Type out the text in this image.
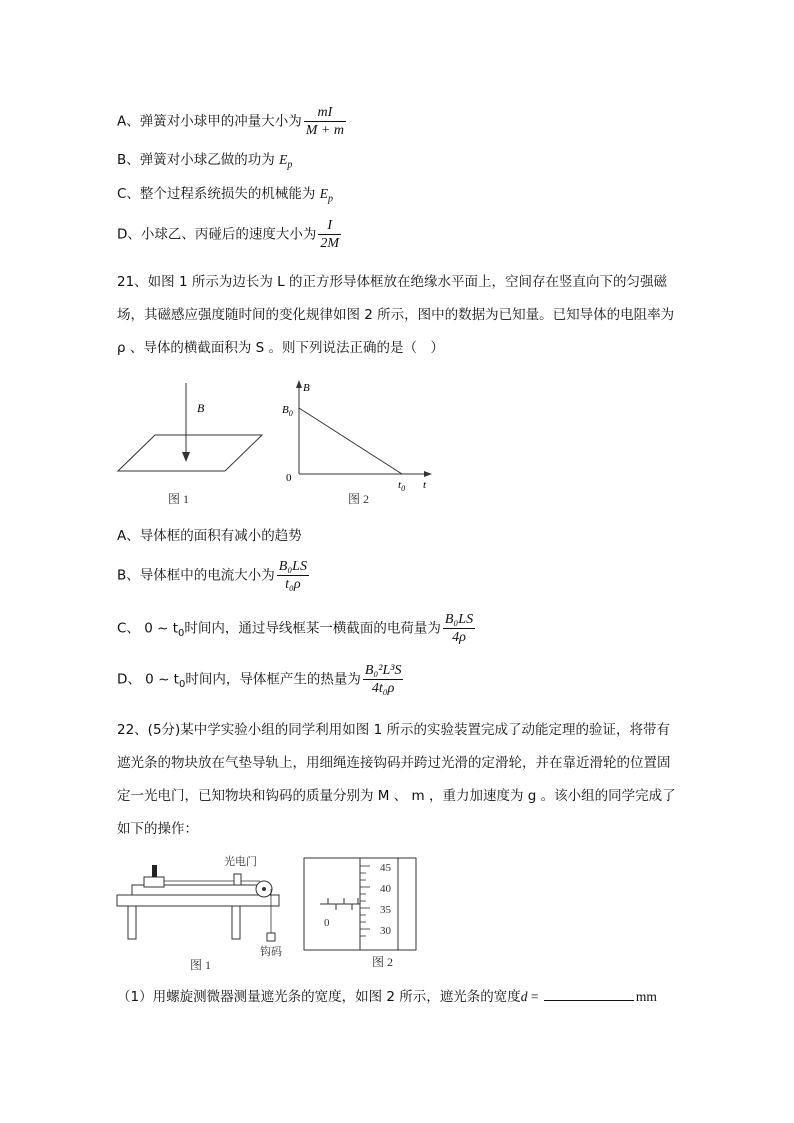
A、弹簧对小球甲的冲量大小为 $\frac{mI}{M + m}$
B、弹簧对小球乙做的功为 $E_p$
C、整个过程系统损失的机械能为 $E_p$
D、小球乙、丙碰后的速度大小为 $\frac{I}{2M}$
21、如图 1 所示为边长为 L 的正方形导体框放在绝缘水平面上，空间存在竖直向下的匀强磁场，其磁感应强度随时间的变化规律如图 2 所示，图中的数据为已知量。已知导体的电阻率为 ρ 、导体的横截面积为 S 。则下列说法正确的是（　）
B
图 1
B
$B_0$
0
$t_0$ t
图 2
A、导体框的面积有减小的趋势
B、导体框中的电流大小为 $\frac{\text{B₀LS}}{\text{t₀ρ}}$
C、 0 ~ $t_0$时间内，通过导线框某一横截面的电荷量为 $\frac{\text{B₀LS}}{4\rho}$
D、 0 ~ $t_0$时间内，导体框产生的热量为 $\frac{\text{B₀²L³S}}{\text{4t₀ρ}}$
22、(5分)某中学实验小组的同学利用如图 1 所示的实验装置完成了动能定理的验证，将带有遮光条的物块放在气垫导轨上，用细绳连接钩码并跨过光滑的定滑轮，并在靠近滑轮的位置固定一光电门，已知物块和钩码的质量分别为 M 、 m ，重力加速度为 g 。该小组的同学完成了如下的操作：
光电门
钩码
图 1
0
45
40
35
30
图 2
（1）用螺旋测微器测量遮光条的宽度，如图 2 所示，遮光条的宽度d =	mm
